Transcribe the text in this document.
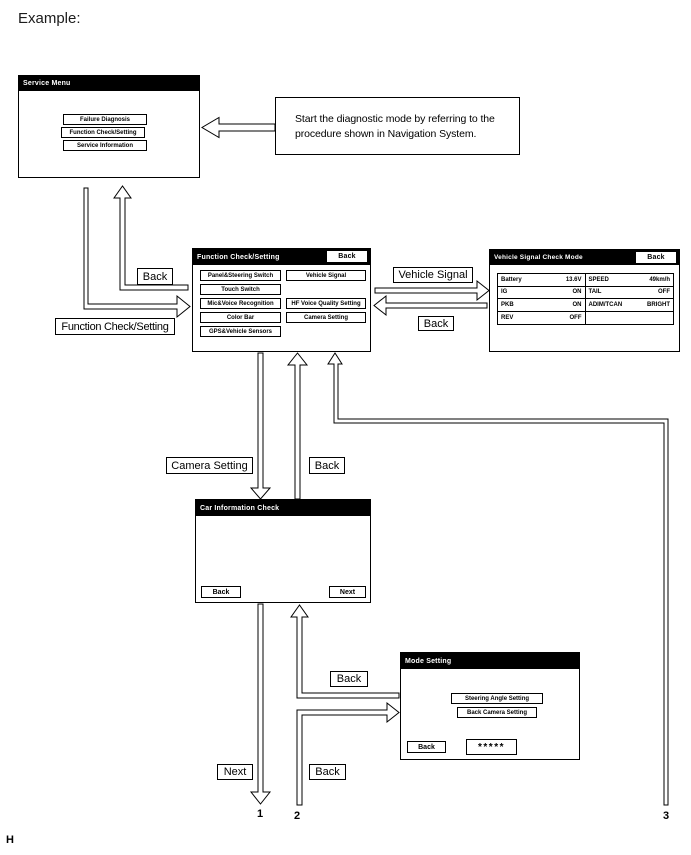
Example:
Service Menu
Failure Diagnosis
Function Check/Setting
Service Information
Start the diagnostic mode by referring to the procedure shown in Navigation System.
Function Check/Setting	Back
Panel&Steering Switch
Touch Switch
Mic&Voice Recognition
Color Bar
GPS&Vehicle Sensors
Vehicle Signal
HF Voice Quality Setting
Camera Setting
Vehicle Signal Check Mode	Back
Battery	13.6V SPEED	49km/h
IG	ON TAIL	OFF
PKB	ON ADIM/TCAN	BRIGHT
REV	OFF
Car Information Check
Back	Next
Mode Setting
Steering Angle Setting
Back Camera Setting
Back	*****
Back
Function Check/Setting
Vehicle Signal
Back
Camera Setting	Back
Back
Next	Back
1	2	3
H
